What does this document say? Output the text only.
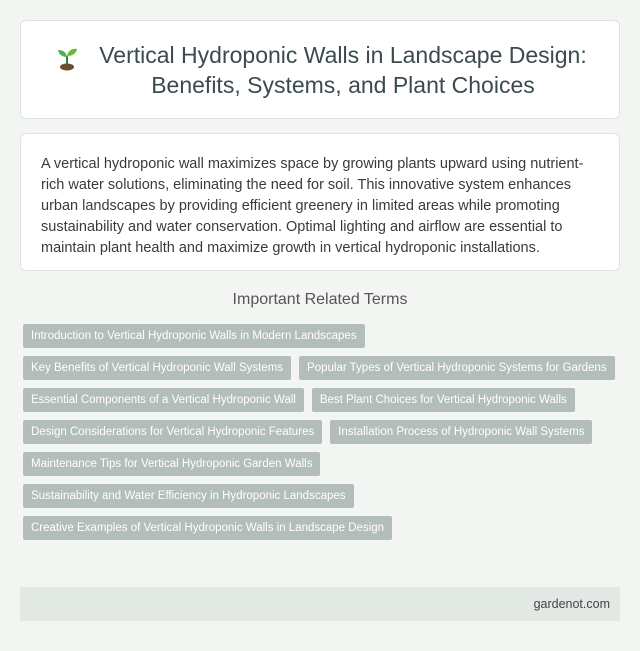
Vertical Hydroponic Walls in Landscape Design:
Benefits, Systems, and Plant Choices

A vertical hydroponic wall maximizes space by growing plants upward using nutrient-rich water solutions, eliminating the need for soil. This innovative system enhances urban landscapes by providing efficient greenery in limited areas while promoting sustainability and water conservation. Optimal lighting and airflow are essential to maintain plant health and maximize growth in vertical hydroponic installations.

Important Related Terms
Introduction to Vertical Hydroponic Walls in Modern Landscapes
Key Benefits of Vertical Hydroponic Wall Systems	Popular Types of Vertical Hydroponic Systems for Gardens
Essential Components of a Vertical Hydroponic Wall	Best Plant Choices for Vertical Hydroponic Walls
Design Considerations for Vertical Hydroponic Features	Installation Process of Hydroponic Wall Systems
Maintenance Tips for Vertical Hydroponic Garden Walls
Sustainability and Water Efficiency in Hydroponic Landscapes
Creative Examples of Vertical Hydroponic Walls in Landscape Design
gardenot.com
